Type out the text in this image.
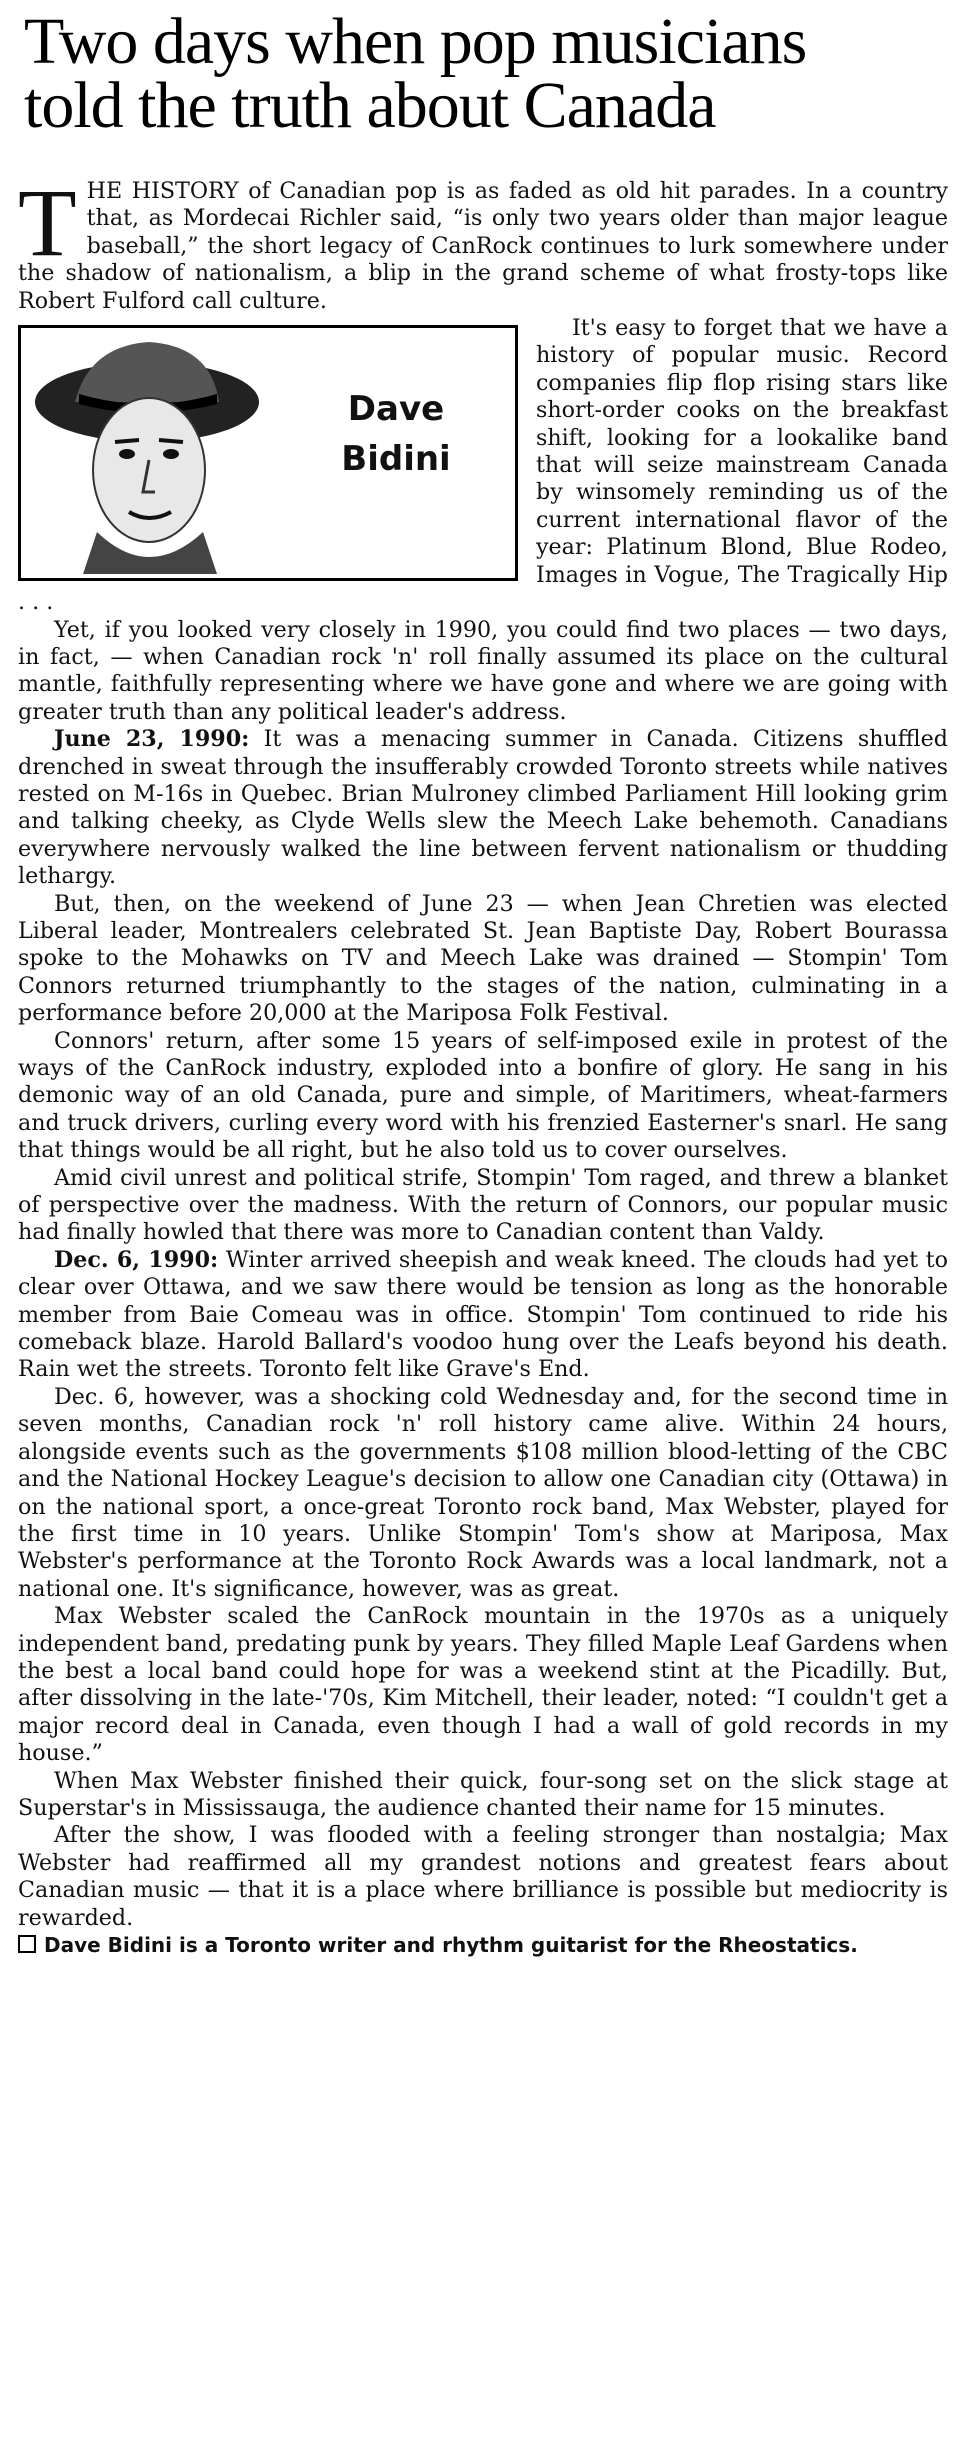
Two days when pop musicians
told the truth about Canada

THE HISTORY of Canadian pop is as faded as old hit parades. In a country that, as Mordecai Richler said, “is only two years older than major league baseball,” the short legacy of CanRock continues to lurk somewhere under the shadow of nationalism, a blip in the grand scheme of what frosty-tops like Robert Fulford call culture.

Dave
Bidini

It's easy to forget that we have a history of popular music. Record companies flip flop rising stars like short-order cooks on the breakfast shift, looking for a lookalike band that will seize mainstream Canada by winsomely reminding us of the current international flavor of the year: Platinum Blond, Blue Rodeo, Images in Vogue, The Tragically Hip . . .

Yet, if you looked very closely in 1990, you could find two places — two days, in fact, — when Canadian rock 'n' roll finally assumed its place on the cultural mantle, faithfully representing where we have gone and where we are going with greater truth than any political leader's address.

June 23, 1990: It was a menacing summer in Canada. Citizens shuffled drenched in sweat through the insufferably crowded Toronto streets while natives rested on M-16s in Quebec. Brian Mulroney climbed Parliament Hill looking grim and talking cheeky, as Clyde Wells slew the Meech Lake behemoth. Canadians everywhere nervously walked the line between fervent nationalism or thudding lethargy.

But, then, on the weekend of June 23 — when Jean Chretien was elected Liberal leader, Montrealers celebrated St. Jean Baptiste Day, Robert Bourassa spoke to the Mohawks on TV and Meech Lake was drained — Stompin' Tom Connors returned triumphantly to the stages of the nation, culminating in a performance before 20,000 at the Mariposa Folk Festival.

Connors' return, after some 15 years of self-imposed exile in protest of the ways of the CanRock industry, exploded into a bonfire of glory. He sang in his demonic way of an old Canada, pure and simple, of Maritimers, wheat-farmers and truck drivers, curling every word with his frenzied Easterner's snarl. He sang that things would be all right, but he also told us to cover ourselves.

Amid civil unrest and political strife, Stompin' Tom raged, and threw a blanket of perspective over the madness. With the return of Connors, our popular music had finally howled that there was more to Canadian content than Valdy.

Dec. 6, 1990: Winter arrived sheepish and weak kneed. The clouds had yet to clear over Ottawa, and we saw there would be tension as long as the honorable member from Baie Comeau was in office. Stompin' Tom continued to ride his comeback blaze. Harold Ballard's voodoo hung over the Leafs beyond his death. Rain wet the streets. Toronto felt like Grave's End.

Dec. 6, however, was a shocking cold Wednesday and, for the second time in seven months, Canadian rock 'n' roll history came alive. Within 24 hours, alongside events such as the governments $108 million blood-letting of the CBC and the National Hockey League's decision to allow one Canadian city (Ottawa) in on the national sport, a once-great Toronto rock band, Max Webster, played for the first time in 10 years. Unlike Stompin' Tom's show at Mariposa, Max Webster's performance at the Toronto Rock Awards was a local landmark, not a national one. It's significance, however, was as great.

Max Webster scaled the CanRock mountain in the 1970s as a uniquely independent band, predating punk by years. They filled Maple Leaf Gardens when the best a local band could hope for was a weekend stint at the Picadilly. But, after dissolving in the late-'70s, Kim Mitchell, their leader, noted: “I couldn't get a major record deal in Canada, even though I had a wall of gold records in my house.”

When Max Webster finished their quick, four-song set on the slick stage at Superstar's in Mississauga, the audience chanted their name for 15 minutes.

After the show, I was flooded with a feeling stronger than nostalgia; Max Webster had reaffirmed all my grandest notions and greatest fears about Canadian music — that it is a place where brilliance is possible but mediocrity is rewarded.

Dave Bidini is a Toronto writer and rhythm guitarist for the Rheostatics.
